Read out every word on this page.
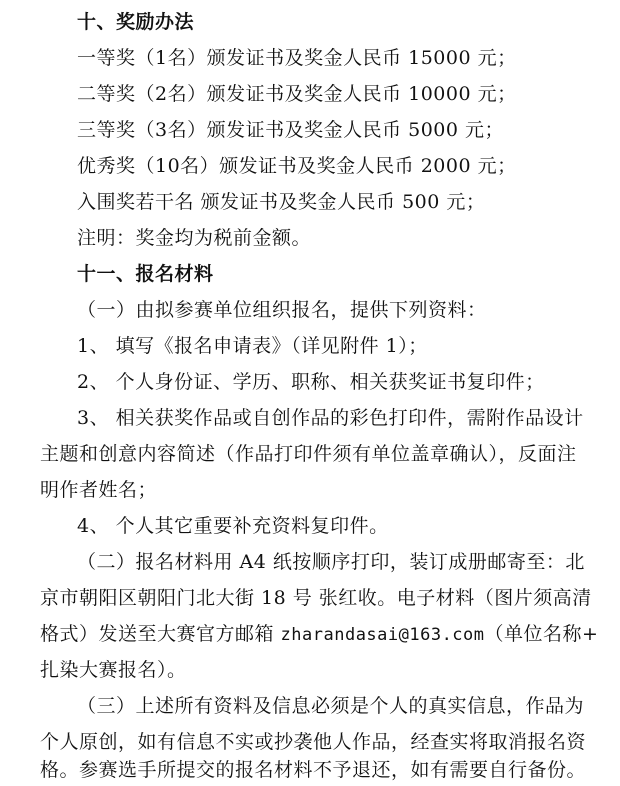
十、奖励办法
一等奖（1名）颁发证书及奖金人民币 15000 元；
二等奖（2名）颁发证书及奖金人民币 10000 元；
三等奖（3名）颁发证书及奖金人民币 5000 元；
优秀奖（10名）颁发证书及奖金人民币 2000 元；
入围奖若干名 颁发证书及奖金人民币 500 元；
注明：奖金均为税前金额。
十一、报名材料
（一）由拟参赛单位组织报名，提供下列资料：
1、 填写《报名申请表》（详见附件 1）；
2、 个人身份证、学历、职称、相关获奖证书复印件；
3、 相关获奖作品或自创作品的彩色打印件，需附作品设计
主题和创意内容简述（作品打印件须有单位盖章确认），反面注
明作者姓名；
4、 个人其它重要补充资料复印件。
（二）报名材料用 A4 纸按顺序打印，装订成册邮寄至：北
京市朝阳区朝阳门北大街 18 号 张红收。电子材料（图片须高清
格式）发送至大赛官方邮箱 zharandasai@163.com（单位名称+
扎染大赛报名）。
（三）上述所有资料及信息必须是个人的真实信息，作品为
个人原创，如有信息不实或抄袭他人作品，经查实将取消报名资
格。参赛选手所提交的报名材料不予退还，如有需要自行备份。
